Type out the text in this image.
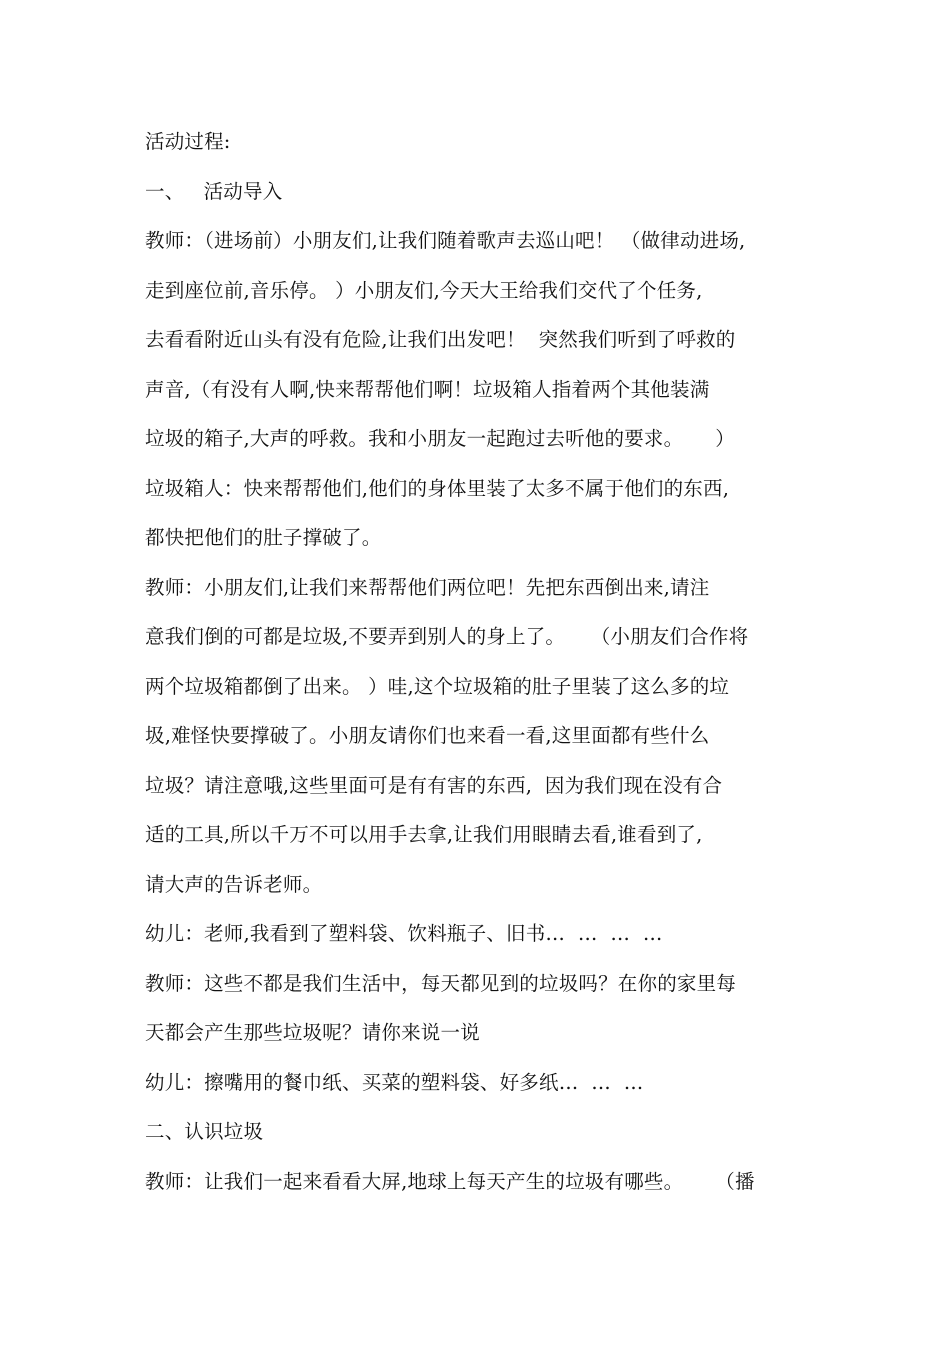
活动过程:
一、   活动导入
教师：（进场前）小朋友们,让我们随着歌声去巡山吧！ （做律动进场,
走到座位前,音乐停。 ）小朋友们,今天大王给我们交代了个任务,
去看看附近山头有没有危险,让我们出发吧！  突然我们听到了呼救的
声音,（有没有人啊,快来帮帮他们啊！垃圾箱人指着两个其他装满
垃圾的箱子,大声的呼救。我和小朋友一起跑过去听他的要求。     ）
垃圾箱人：快来帮帮他们,他们的身体里装了太多不属于他们的东西,
都快把他们的肚子撑破了。
教师：小朋友们,让我们来帮帮他们两位吧！先把东西倒出来,请注
意我们倒的可都是垃圾,不要弄到别人的身上了。    （小朋友们合作将
两个垃圾箱都倒了出来。 ）哇,这个垃圾箱的肚子里装了这么多的垃
圾,难怪快要撑破了。小朋友请你们也来看一看,这里面都有些什么
垃圾？请注意哦,这些里面可是有有害的东西,  因为我们现在没有合
适的工具,所以千万不可以用手去拿,让我们用眼睛去看,谁看到了,
请大声的告诉老师。
幼儿：老师,我看到了塑料袋、饮料瓶子、旧书…  …  …  …
教师：这些不都是我们生活中，每天都见到的垃圾吗？在你的家里每
天都会产生那些垃圾呢？请你来说一说
幼儿：擦嘴用的餐巾纸、买菜的塑料袋、好多纸…  …  …
二、认识垃圾
教师：让我们一起来看看大屏,地球上每天产生的垃圾有哪些。     （播
